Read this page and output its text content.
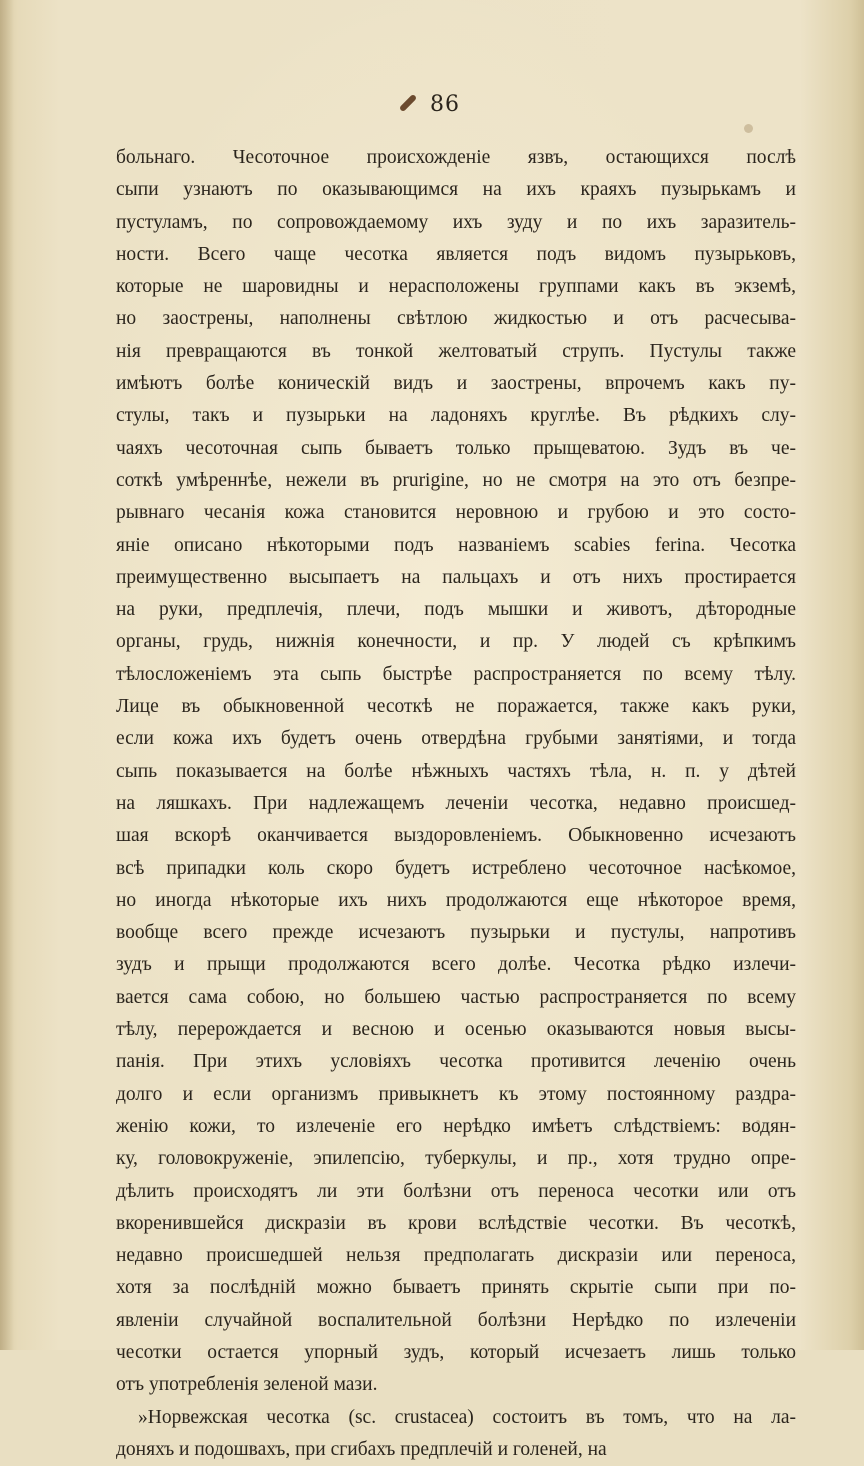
86
больнаго. Чесоточное происхожденіе язвъ, остающихся послѣ
сыпи узнаютъ по оказывающимся на ихъ краяхъ пузырькамъ и
пустуламъ, по сопровождаемому ихъ зуду и по ихъ заразитель-
ности. Всего чаще чесотка является подъ видомъ пузырьковъ,
которые не шаровидны и нерасположены группами какъ въ экземѣ,
но заострены, наполнены свѣтлою жидкостью и отъ расчесыва-
нія превращаются въ тонкой желтоватый струпъ. Пустулы также
имѣютъ болѣе коническій видъ и заострены, впрочемъ какъ пу-
стулы, такъ и пузырьки на ладоняхъ круглѣе. Въ рѣдкихъ слу-
чаяхъ чесоточная сыпь бываетъ только прыщеватою. Зудъ въ че-
соткѣ умѣреннѣе, нежели въ prurigine, но не смотря на это отъ безпре-
рывнаго чесанія кожа становится неровною и грубою и это состо-
яніе описано нѣкоторыми подъ названіемъ scabies ferina. Чесотка
преимущественно высыпаетъ на пальцахъ и отъ нихъ простирается
на руки, предплечія, плечи, подъ мышки и животъ, дѣтородные
органы, грудь, нижнія конечности, и пр. У людей съ крѣпкимъ
тѣлосложеніемъ эта сыпь быстрѣе распространяется по всему тѣлу.
Лице въ обыкновенной чесоткѣ не поражается, также какъ руки,
если кожа ихъ будетъ очень отвердѣна грубыми занятіями, и тогда
сыпь показывается на болѣе нѣжныхъ частяхъ тѣла, н. п. у дѣтей
на ляшкахъ. При надлежащемъ леченіи чесотка, недавно происшед-
шая вскорѣ оканчивается выздоровленіемъ. Обыкновенно исчезаютъ
всѣ припадки коль скоро будетъ истреблено чесоточное насѣкомое,
но иногда нѣкоторые ихъ нихъ продолжаются еще нѣкоторое время,
вообще всего прежде исчезаютъ пузырьки и пустулы, напротивъ
зудъ и прыщи продолжаются всего долѣе. Чесотка рѣдко излечи-
вается сама собою, но большею частью распространяется по всему
тѣлу, перерождается и весною и осенью оказываются новыя высы-
панія. При этихъ условіяхъ чесотка противится леченію очень
долго и если организмъ привыкнетъ къ этому постоянному раздра-
женію кожи, то излеченіе его нерѣдко имѣетъ слѣдствіемъ: водян-
ку, головокруженіе, эпилепсію, туберкулы, и пр., хотя трудно опре-
дѣлить происходятъ ли эти болѣзни отъ переноса чесотки или отъ
вкоренившейся дискразіи въ крови вслѣдствіе чесотки. Въ чесоткѣ,
недавно происшедшей нельзя предполагать дискразіи или переноса,
хотя за послѣдній можно бываетъ принять скрытіе сыпи при по-
явленіи случайной воспалительной болѣзни Нерѣдко по излеченіи
чесотки остается упорный зудъ, который исчезаетъ лишь только
отъ употребленія зеленой мази.
»Норвежская чесотка (sc. crustacea) состоитъ въ томъ, что на ла-
доняхъ и подошвахъ, при сгибахъ предплечій и голеней, на
